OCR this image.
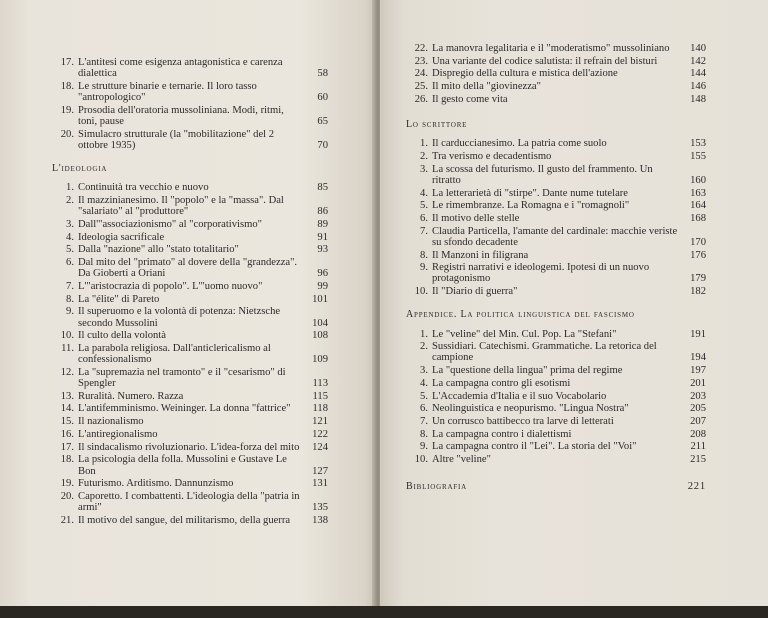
17. L'antitesi come esigenza antagonistica e carenza dialettica	58
18. Le strutture binarie e ternarie. Il loro tasso "antropologico"	60
19. Prosodia dell'oratoria mussoliniana. Modi, ritmi, toni, pause	65
20. Simulacro strutturale (la "mobilitazione" del 2 ottobre 1935)	70
L'ideologia
1. Continuità tra vecchio e nuovo	85
2. Il mazzinianesimo. Il "popolo" e la "massa". Dal "salariato" al "produttore"	86
3. Dall'"associazionismo" al "corporativismo"	89
4. Ideologia sacrificale	91
5. Dalla "nazione" allo "stato totalitario"	93
6. Dal mito del "primato" al dovere della "grandezza". Da Gioberti a Oriani	96
7. L'"aristocrazia di popolo". L'"uomo nuovo"	99
8. La "élite" di Pareto	101
9. Il superuomo e la volontà di potenza: Nietzsche secondo Mussolini	104
10. Il culto della volontà	108
11. La parabola religiosa. Dall'anticlericalismo al confessionalismo	109
12. La "supremazia nel tramonto" e il "cesarismo" di Spengler	113
13. Ruralità. Numero. Razza	115
14. L'antifemminismo. Weininger. La donna "fattrice"	118
15. Il nazionalismo	121
16. L'antiregionalismo	122
17. Il sindacalismo rivoluzionario. L'idea-forza del mito	124
18. La psicologia della folla. Mussolini e Gustave Le Bon	127
19. Futurismo. Arditismo. Dannunzismo	131
20. Caporetto. I combattenti. L'ideologia della "patria in armi"	135
21. Il motivo del sangue, del militarismo, della guerra	138
22. La manovra legalitaria e il "moderatismo" mussoliniano	140
23. Una variante del codice salutista: il refrain del bisturi	142
24. Dispregio della cultura e mistica dell'azione	144
25. Il mito della "giovinezza"	146
26. Il gesto come vita	148
Lo scrittore
1. Il carduccianesimo. La patria come suolo	153
2. Tra verismo e decadentismo	155
3. La scossa del futurismo. Il gusto del frammento. Un ritratto	160
4. La letterarietà di "stirpe". Dante nume tutelare	163
5. Le rimembranze. La Romagna e i "romagnoli"	164
6. Il motivo delle stelle	168
7. Claudia Particella, l'amante del cardinale: macchie veriste su sfondo decadente	170
8. Il Manzoni in filigrana	176
9. Registri narrativi e ideologemi. Ipotesi di un nuovo protagonismo	179
10. Il "Diario di guerra"	182
Appendice. La politica linguistica del fascismo
1. Le "veline" del Min. Cul. Pop. La "Stefani"	191
2. Sussidiari. Catechismi. Grammatiche. La retorica del campione	194
3. La "questione della lingua" prima del regime	197
4. La campagna contro gli esotismi	201
5. L'Accademia d'Italia e il suo Vocabolario	203
6. Neolinguistica e neopurismo. "Lingua Nostra"	205
7. Un corrusco battibecco tra larve di letterati	207
8. La campagna contro i dialettismi	208
9. La campagna contro il "Lei". La storia del "Voi"	211
10. Altre "veline"	215
Bibliografia	221
